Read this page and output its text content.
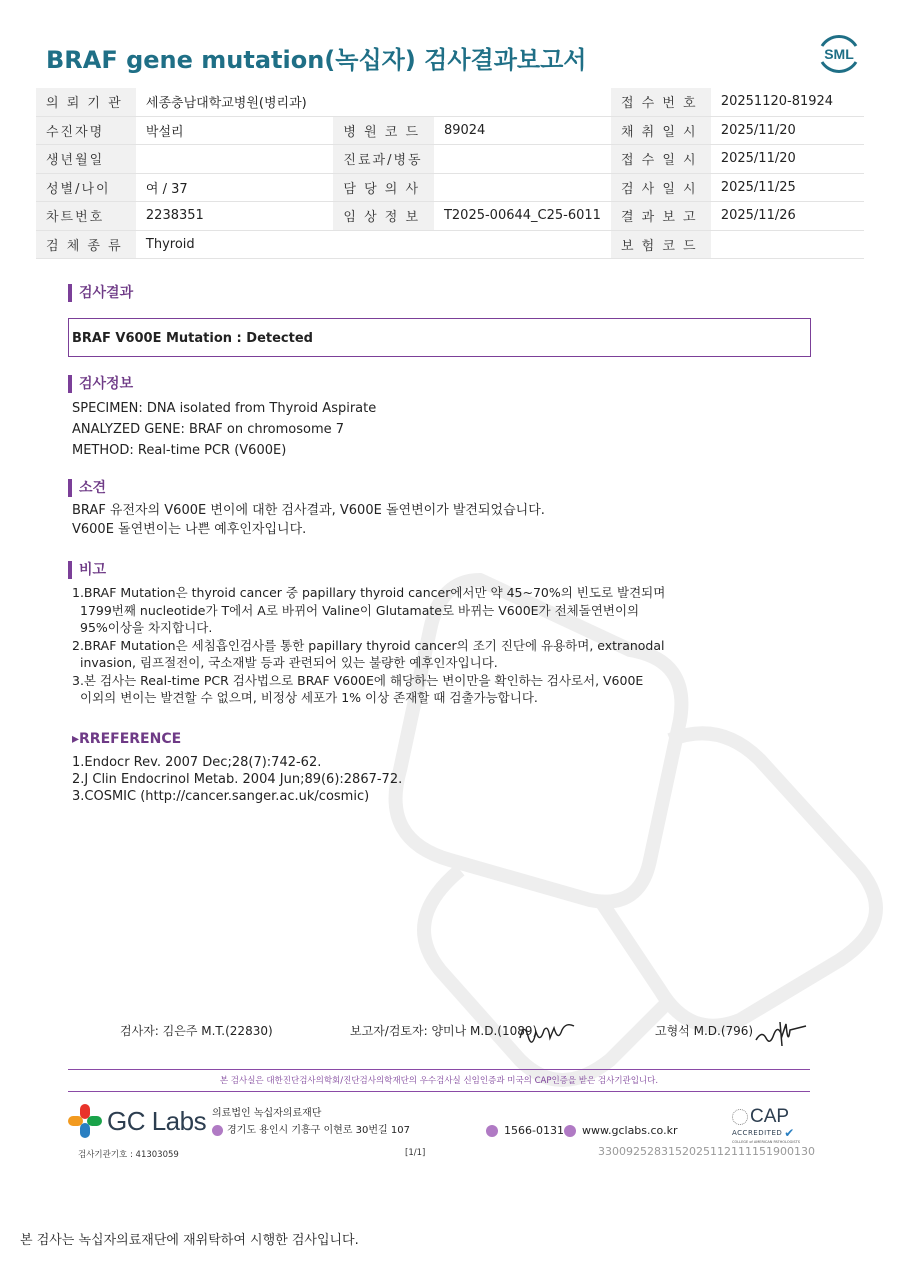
BRAF gene mutation(녹십자) 검사결과보고서	SML
의 뢰 기 관	세종충남대학교병원(병리과)			접 수 번 호	20251120-81924
수진자명	박설리	병 원 코 드	89024	채 취 일 시	2025/11/20
생년월일		진료과/병동		접 수 일 시	2025/11/20
성별/나이	여 / 37	담 당 의 사		검 사 일 시	2025/11/25
차트번호	2238351	임 상 정 보	T2025-00644_C25-6011	결 과 보 고	2025/11/26
검 체 종 류	Thyroid			보 험 코 드	
검사결과
BRAF V600E Mutation : Detected
검사정보
SPECIMEN: DNA isolated from Thyroid Aspirate
ANALYZED GENE: BRAF on chromosome 7
METHOD: Real-time PCR (V600E)
소견
BRAF 유전자의 V600E 변이에 대한 검사결과, V600E 돌연변이가 발견되었습니다.
V600E 돌연변이는 나쁜 예후인자입니다.
비고
1.BRAF Mutation은 thyroid cancer 중 papillary thyroid cancer에서만 약 45~70%의 빈도로 발견되며
1799번째 nucleotide가 T에서 A로 바뀌어 Valine이 Glutamate로 바뀌는 V600E가 전체돌연변이의
95%이상을 차지합니다.
2.BRAF Mutation은 세침흡인검사를 통한 papillary thyroid cancer의 조기 진단에 유용하며, extranodal
invasion, 림프절전이, 국소재발 등과 관련되어 있는 불량한 예후인자입니다.
3.본 검사는 Real-time PCR 검사법으로 BRAF V600E에 해당하는 변이만을 확인하는 검사로서, V600E
이외의 변이는 발견할 수 없으며, 비정상 세포가 1% 이상 존재할 때 검출가능합니다.
▸RREFERENCE
1.Endocr Rev. 2007 Dec;28(7):742-62.
2.J Clin Endocrinol Metab. 2004 Jun;89(6):2867-72.
3.COSMIC (http://cancer.sanger.ac.uk/cosmic)
검사자: 김은주 M.T.(22830)	보고자/검토자: 양미나 M.D.(1089)	고형석 M.D.(796)
본 검사실은 대한진단검사의학회/진단검사의학재단의 우수검사실 신임인증과 미국의 CAP인증을 받은 검사기관입니다.
GC Labs 의료법인 녹십자의료재단
경기도 용인시 기흥구 이현로 30번길 107	1566-0131 www.gclabs.co.kr
CAP
ACCREDITED ✔
COLLEGE of AMERICAN PATHOLOGISTS
검사기관기호 : 41303059	[1/1]	3300925283152025112111151900130
본 검사는 녹십자의료재단에 재위탁하여 시행한 검사입니다.
